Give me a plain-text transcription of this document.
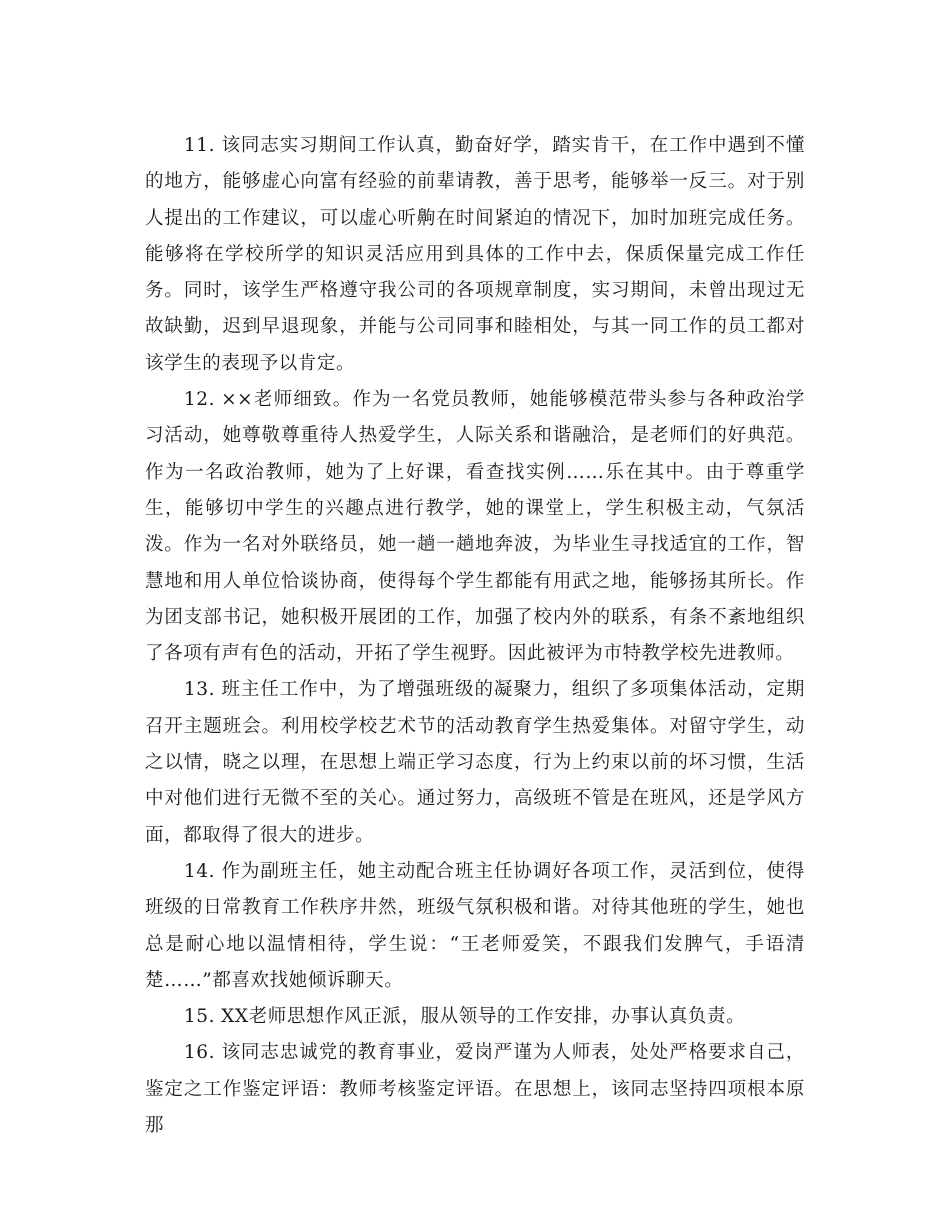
11. 该同志实习期间工作认真，勤奋好学，踏实肯干，在工作中遇到不懂的地方，能够虚心向富有经验的前辈请教，善于思考，能够举一反三。对于别人提出的工作建议，可以虚心听齁在时间紧迫的情况下，加时加班完成任务。能够将在学校所学的知识灵活应用到具体的工作中去，保质保量完成工作任务。同时，该学生严格遵守我公司的各项规章制度，实习期间，未曾出现过无故缺勤，迟到早退现象，并能与公司同事和睦相处，与其一同工作的员工都对该学生的表现予以肯定。

12. ××老师细致。作为一名党员教师，她能够模范带头参与各种政治学习活动，她尊敬尊重待人热爱学生，人际关系和谐融洽，是老师们的好典范。作为一名政治教师，她为了上好课，看查找实例……乐在其中。由于尊重学生，能够切中学生的兴趣点进行教学，她的课堂上，学生积极主动，气氛活泼。作为一名对外联络员，她一趟一趟地奔波，为毕业生寻找适宜的工作，智慧地和用人单位恰谈协商，使得每个学生都能有用武之地，能够扬其所长。作为团支部书记，她积极开展团的工作，加强了校内外的联系，有条不紊地组织了各项有声有色的活动，开拓了学生视野。因此被评为市特教学校先进教师。

13. 班主任工作中，为了增强班级的凝聚力，组织了多项集体活动，定期召开主题班会。利用校学校艺术节的活动教育学生热爱集体。对留守学生，动之以情，晓之以理，在思想上端正学习态度，行为上约束以前的坏习惯，生活中对他们进行无微不至的关心。通过努力，高级班不管是在班风，还是学风方面，都取得了很大的进步。

14. 作为副班主任，她主动配合班主任协调好各项工作，灵活到位，使得班级的日常教育工作秩序井然，班级气氛积极和谐。对待其他班的学生，她也总是耐心地以温情相待，学生说：“王老师爱笑，不跟我们发脾气，手语清楚……”都喜欢找她倾诉聊天。

15. XX老师思想作风正派，服从领导的工作安排，办事认真负责。

16. 该同志忠诚党的教育事业，爱岗严谨为人师表，处处严格要求自己，鉴定之工作鉴定评语：教师考核鉴定评语。在思想上，该同志坚持四项根本原那
